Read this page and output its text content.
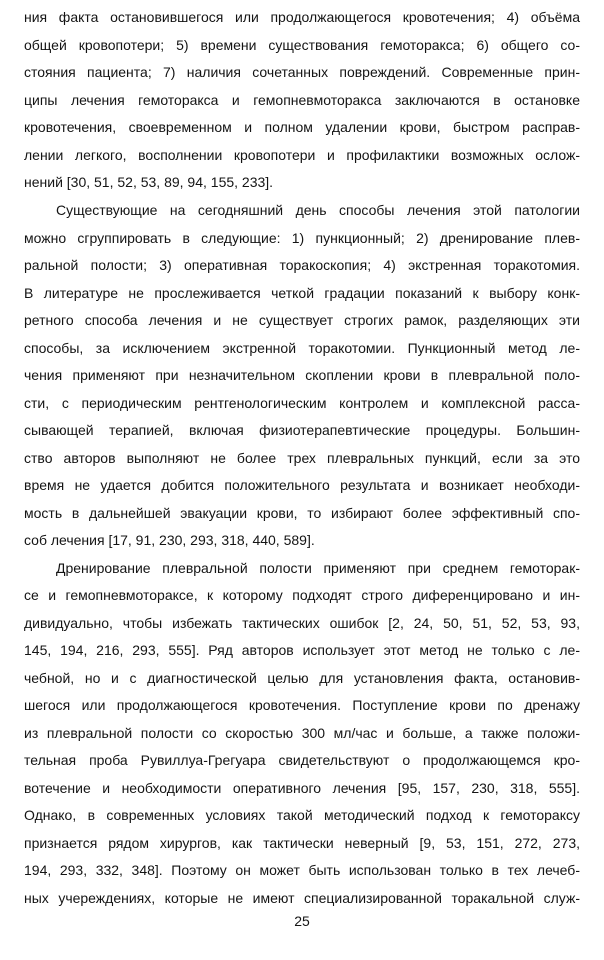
ния факта остановившегося или продолжающегося кровотечения; 4) объёма
общей кровопотери; 5) времени существования гемоторакса; 6) общего со-
стояния пациента; 7) наличия сочетанных повреждений. Современные прин-
ципы лечения гемоторакса и гемопневмоторакса заключаются в остановке
кровотечения, своевременном и полном удалении крови, быстром расправ-
лении легкого, восполнении кровопотери и профилактики возможных ослож-
нений [30, 51, 52, 53, 89, 94, 155, 233].
Существующие на сегодняшний день способы лечения этой патологии
можно сгруппировать в следующие: 1) пункционный; 2) дренирование плев-
ральной полости; 3) оперативная торакоскопия; 4) экстренная торакотомия.
В литературе не прослеживается четкой градации показаний к выбору конк-
ретного способа лечения и не существует строгих рамок, разделяющих эти
способы, за исключением экстренной торакотомии. Пункционный метод ле-
чения применяют при незначительном скоплении крови в плевральной поло-
сти, с периодическим рентгенологическим контролем и комплексной расса-
сывающей терапией, включая физиотерапевтические процедуры. Большин-
ство авторов выполняют не более трех плевральных пункций, если за это
время не удается добится положительного результата и возникает необходи-
мость в дальнейшей эвакуации крови, то избирают более эффективный спо-
соб лечения [17, 91, 230, 293, 318, 440, 589].
Дренирование плевральной полости применяют при среднем гемоторак-
се и гемопневмотораксе, к которому подходят строго диференцировано и ин-
дивидуально, чтобы избежать тактических ошибок [2, 24, 50, 51, 52, 53, 93,
145, 194, 216, 293, 555]. Ряд авторов использует этот метод не только с ле-
чебной, но и с диагностической целью для установления факта, остановив-
шегося или продолжающегося кровотечения. Поступление крови по дренажу
из плевральной полости со скоростью 300 мл/час и больше, а также положи-
тельная проба Рувиллуа-Грегуара свидетельствуют о продолжающемся кро-
вотечение и необходимости оперативного лечения [95, 157, 230, 318, 555].
Однако, в современных условиях такой методический подход к гемотораксу
признается рядом хирургов, как тактически неверный [9, 53, 151, 272, 273,
194, 293, 332, 348]. Поэтому он может быть использован только в тех лечеб-
ных учереждениях, которые не имеют специализированной торакальной служ-
25
